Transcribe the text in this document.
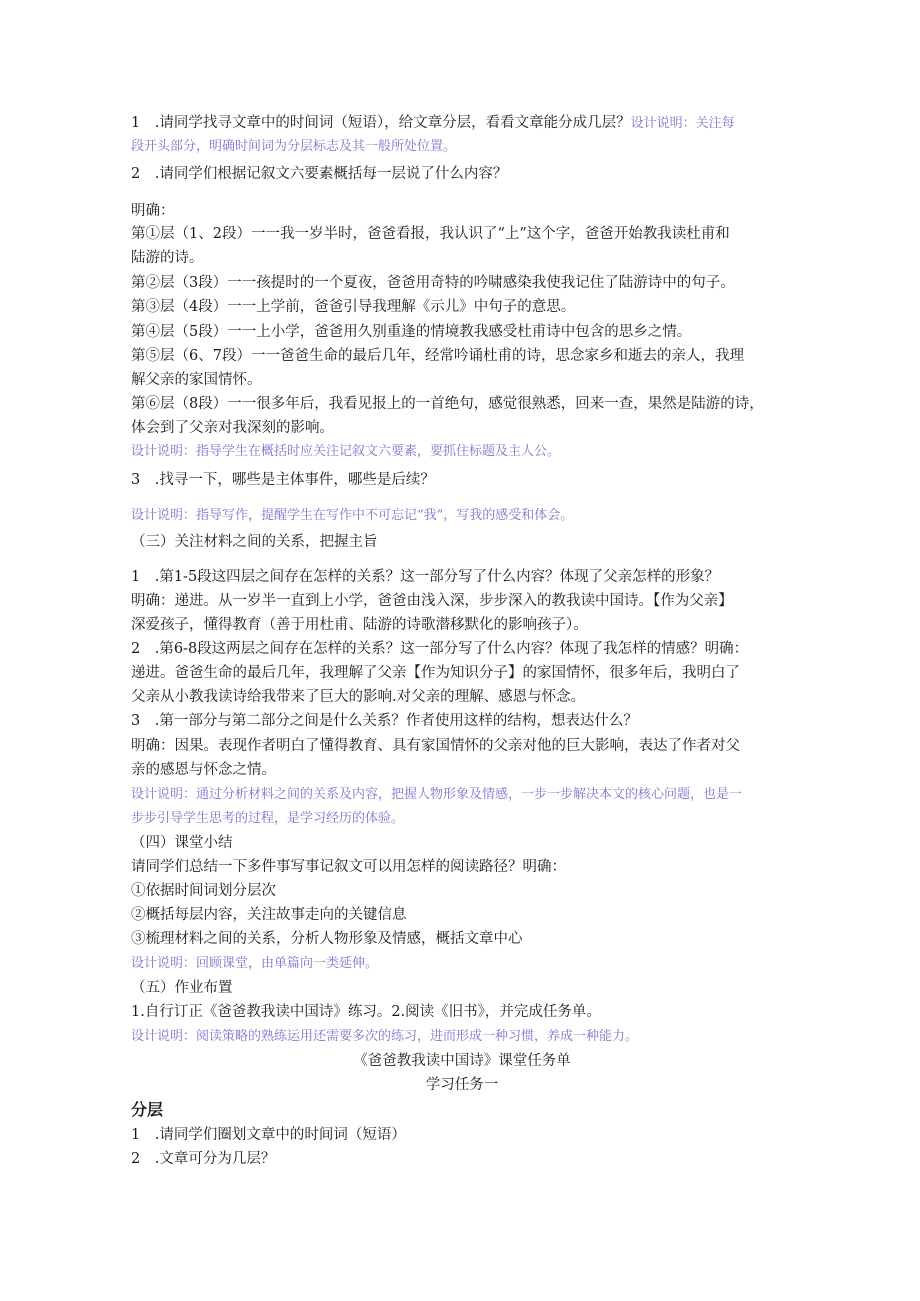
1　.请同学找寻文章中的时间词（短语），给文章分层，看看文章能分成几层？设计说明：关注每
段开头部分，明确时间词为分层标志及其一般所处位置。
2　.请同学们根据记叙文六要素概括每一层说了什么内容？
明确：
第①层（1、2段）一一我一岁半时，爸爸看报，我认识了“上”这个字，爸爸开始教我读杜甫和
陆游的诗。
第②层（3段）一一孩提时的一个夏夜，爸爸用奇特的吟啸感染我使我记住了陆游诗中的句子。
第③层（4段）一一上学前，爸爸引导我理解《示儿》中句子的意思。
第④层（5段）一一上小学，爸爸用久别重逢的情境教我感受杜甫诗中包含的思乡之情。
第⑤层（6、7段）一一爸爸生命的最后几年，经常吟诵杜甫的诗，思念家乡和逝去的亲人，我理
解父亲的家国情怀。
第⑥层（8段）一一很多年后，我看见报上的一首绝句，感觉很熟悉，回来一查，果然是陆游的诗，
体会到了父亲对我深刻的影响。
设计说明：指导学生在概括时应关注记叙文六要素，要抓住标题及主人公。
3　.找寻一下，哪些是主体事件，哪些是后续？
设计说明：指导写作，提醒学生在写作中不可忘记“我”，写我的感受和体会。
（三）关注材料之间的关系，把握主旨
1　.第1-5段这四层之间存在怎样的关系？这一部分写了什么内容？体现了父亲怎样的形象？
明确：递进。从一岁半一直到上小学，爸爸由浅入深，步步深入的教我读中国诗。【作为父亲】
深爱孩子，懂得教育（善于用杜甫、陆游的诗歌潜移默化的影响孩子）。
2　.第6-8段这两层之间存在怎样的关系？这一部分写了什么内容？体现了我怎样的情感？明确：
递进。爸爸生命的最后几年，我理解了父亲【作为知识分子】的家国情怀，很多年后，我明白了
父亲从小教我读诗给我带来了巨大的影响.对父亲的理解、感恩与怀念。
3　.第一部分与第二部分之间是什么关系？作者使用这样的结构，想表达什么？
明确：因果。表现作者明白了懂得教育、具有家国情怀的父亲对他的巨大影响，表达了作者对父
亲的感恩与怀念之情。
设计说明：通过分析材料之间的关系及内容，把握人物形象及情感，一步一步解决本文的核心问题，也是一
步步引导学生思考的过程，是学习经历的体验。
（四）课堂小结
请同学们总结一下多件事写事记叙文可以用怎样的阅读路径？明确：
①依据时间词划分层次
②概括每层内容，关注故事走向的关键信息
③梳理材料之间的关系，分析人物形象及情感，概括文章中心
设计说明：回顾课堂，由单篇向一类延伸。
（五）作业布置
1.自行订正《爸爸教我读中国诗》练习。2.阅读《旧书》，并完成任务单。
设计说明：阅读策略的熟练运用还需要多次的练习，进而形成一种习惯，养成一种能力。
《爸爸教我读中国诗》课堂任务单
学习任务一
分层
1　.请同学们圈划文章中的时间词（短语）
2　.文章可分为几层？
